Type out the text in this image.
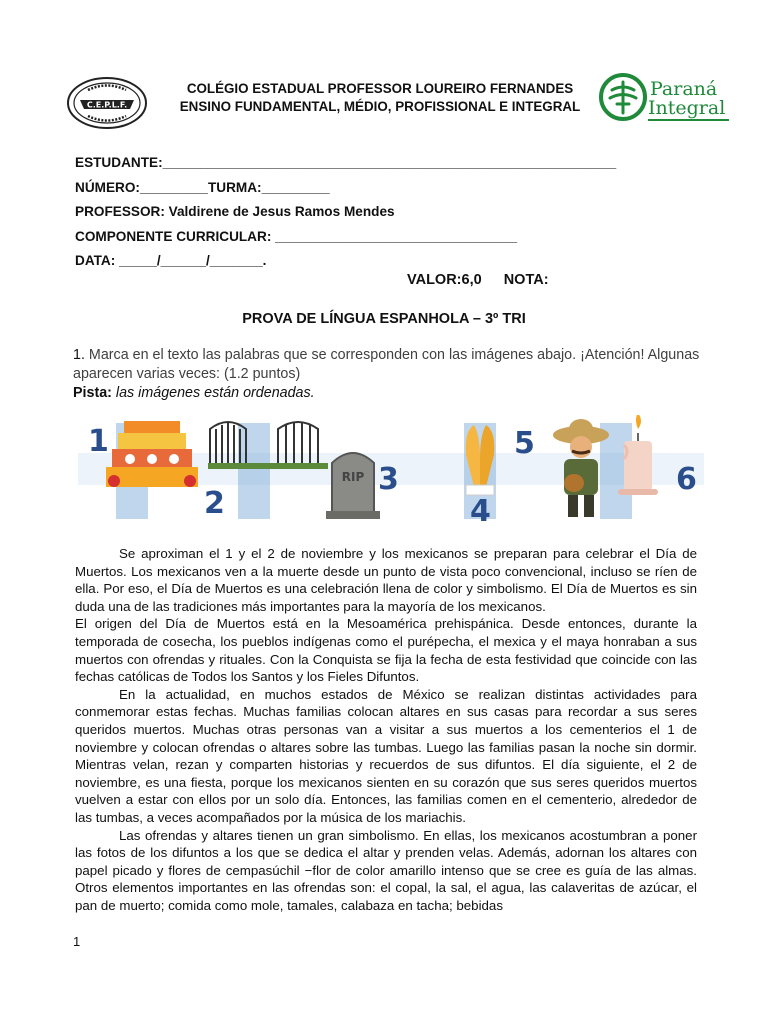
C.E.P.L.F.
COLÉGIO ESTADUAL PROFESSOR LOUREIRO FERNANDES
ENSINO FUNDAMENTAL, MÉDIO, PROFISSIONAL E INTEGRAL
Paraná
Integral
ESTUDANTE:____________________________________________________________
NÚMERO:_________TURMA:_________
PROFESSOR: Valdirene de Jesus Ramos Mendes
COMPONENTE CURRICULAR: ________________________________
DATA: _____/______/_______.
VALOR:6,0 NOTA:
PROVA DE LÍNGUA ESPANHOLA – 3º TRI
1. Marca en el texto las palabras que se corresponden con las imágenes abajo. ¡Atención! Algunas aparecen varias veces: (1.2 puntos)
Pista: las imágenes están ordenadas.
1
2
RIP 3
4
5
6

Se aproximan el 1 y el 2 de noviembre y los mexicanos se preparan para celebrar el Día de Muertos. Los mexicanos ven a la muerte desde un punto de vista poco convencional, incluso se ríen de ella. Por eso, el Día de Muertos es una celebración llena de color y simbolismo. El Día de Muertos es sin duda una de las tradiciones más importantes para la mayoría de los mexicanos.

El origen del Día de Muertos está en la Mesoamérica prehispánica. Desde entonces, durante la temporada de cosecha, los pueblos indígenas como el purépecha, el mexica y el maya honraban a sus muertos con ofrendas y rituales. Con la Conquista se fija la fecha de esta festividad que coincide con las fechas católicas de Todos los Santos y los Fieles Difuntos.

En la actualidad, en muchos estados de México se realizan distintas actividades para conmemorar estas fechas. Muchas familias colocan altares en sus casas para recordar a sus seres queridos muertos. Muchas otras personas van a visitar a sus muertos a los cementerios el 1 de noviembre y colocan ofrendas o altares sobre las tumbas. Luego las familias pasan la noche sin dormir. Mientras velan, rezan y comparten historias y recuerdos de sus difuntos. El día siguiente, el 2 de noviembre, es una fiesta, porque los mexicanos sienten en su corazón que sus seres queridos muertos vuelven a estar con ellos por un solo día. Entonces, las familias comen en el cementerio, alrededor de las tumbas, a veces acompañados por la música de los mariachis.

Las ofrendas y altares tienen un gran simbolismo. En ellas, los mexicanos acostumbran a poner las fotos de los difuntos a los que se dedica el altar y prenden velas. Además, adornan los altares con papel picado y flores de cempasúchil −flor de color amarillo intenso que se cree es guía de las almas. Otros elementos importantes en las ofrendas son: el copal, la sal, el agua, las calaveritas de azúcar, el pan de muerto; comida como mole, tamales, calabaza en tacha; bebidas

1
